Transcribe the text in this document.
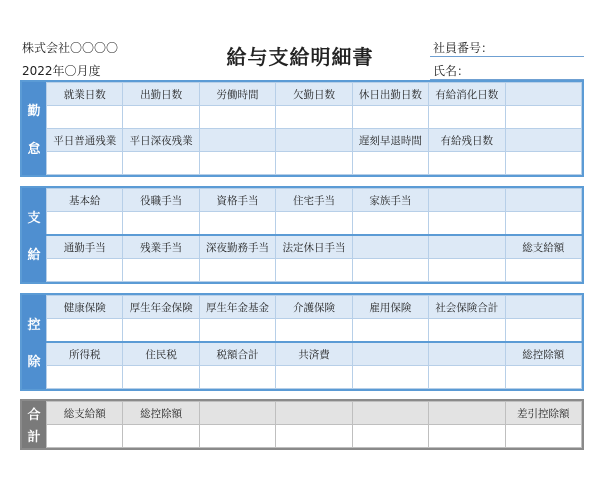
株式会社〇〇〇〇
2022年〇月度
給与支給明細書	社員番号：
氏名：
勤
怠
就業日数	出勤日数	労働時間	欠勤日数	休日出勤日数	有給消化日数	

平日普通残業	平日深夜残業			遅刻早退時間	有給残日数	

支
給
基本給	役職手当	資格手当	住宅手当	家族手当		

通勤手当	残業手当	深夜勤務手当	法定休日手当			総支給額

控
除
健康保険	厚生年金保険	厚生年金基金	介護保険	雇用保険	社会保険合計	

所得税	住民税	税額合計	共済費			総控除額

合
計
総支給額	総控除額					差引控除額
